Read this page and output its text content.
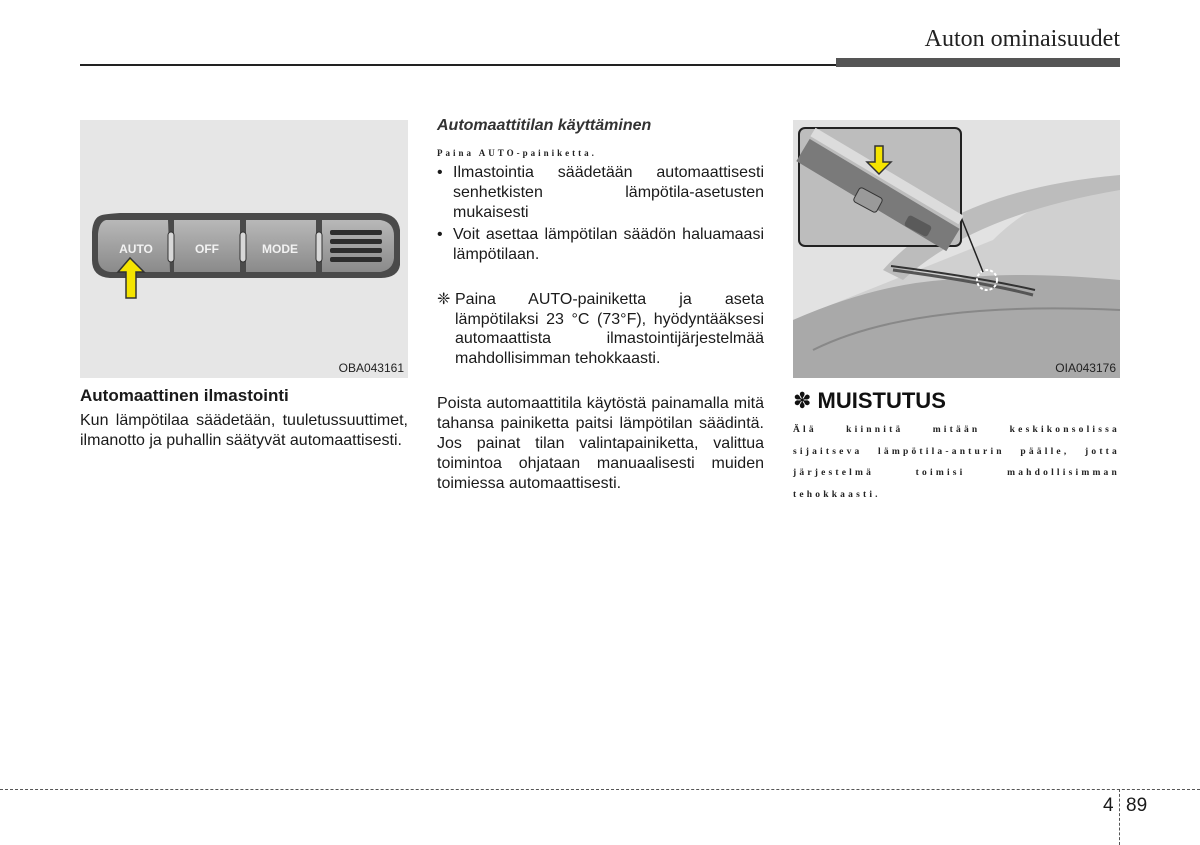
Auton ominaisuudet
AUTO	OFF	MODE
OBA043161

Automaattinen ilmastointi

Kun lämpötilaa säädetään, tuuletussuuttimet, ilmanotto ja puhallin säätyvät automaattisesti.

Automaattitilan käyttäminen
Paina AUTO-painiketta.
• Ilmastointia säädetään automaattisesti senhetkisten lämpötila-asetusten mukaisesti
• Voit asettaa lämpötilan säädön haluamaasi lämpötilaan.
❈ Paina AUTO-painiketta ja aseta lämpötilaksi 23 °C (73°F), hyödyntääksesi automaattista ilmastointijärjestelmää mahdollisimman tehokkaasti.

Poista automaattitila käytöstä painamalla mitä tahansa painiketta paitsi lämpötilan säädintä. Jos painat tilan valintapainiketta, valittua toimintoa ohjataan manuaalisesti muiden toimiessa automaattisesti.

OIA043176
✽ MUISTUTUS
Älä kiinnitä mitään keskikonsolissa sijaitseva lämpötila-anturin päälle, jotta järjestelmä toimisi mahdollisimman tehokkaasti.
4 89
